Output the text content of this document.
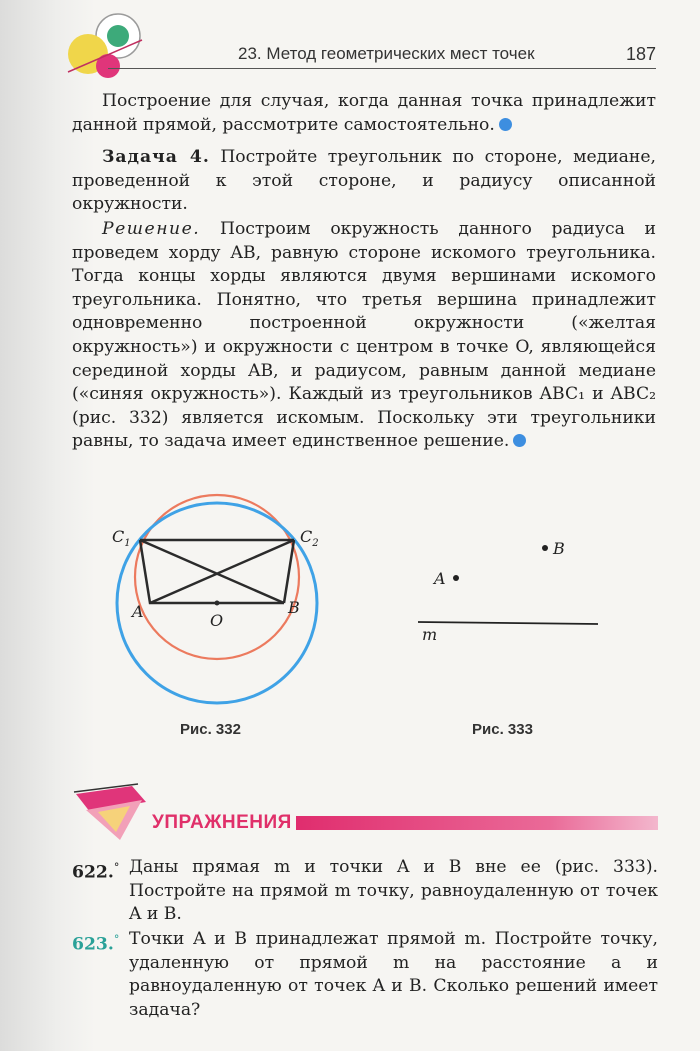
23. Метод геометрических мест точек	187

Построение для случая, когда данная точка принадлежит данной прямой, рассмотрите самостоятельно.

Задача 4. Постройте треугольник по стороне, медиане, проведенной к этой стороне, и радиусу описанной окружности.

Решение. Построим окружность данного радиуса и проведем хорду AB, равную стороне искомого треугольника. Тогда концы хорды являются двумя вершинами искомого треугольника. Понятно, что третья вершина принадлежит одновременно построенной окружности («желтая окружность») и окружности с центром в точке O, являющейся серединой хорды AB, и радиусом, равным данной медиане («синяя окружность»). Каждый из треугольников ABC₁ и ABC₂ (рис. 332) является искомым. Поскольку эти треугольники равны, то задача имеет единственное решение.

$C_1$	$C_2$
A	B
O
Рис. 332
B
A
m
Рис. 333
УПРАЖНЕНИЯ
622.° Даны прямая m и точки A и B вне ее (рис. 333). Постройте на прямой m точку, равноудаленную от точек A и B.
623.° Точки A и B принадлежат прямой m. Постройте точку, удаленную от прямой m на расстояние a и равноудаленную от точек A и B. Сколько решений имеет задача?
